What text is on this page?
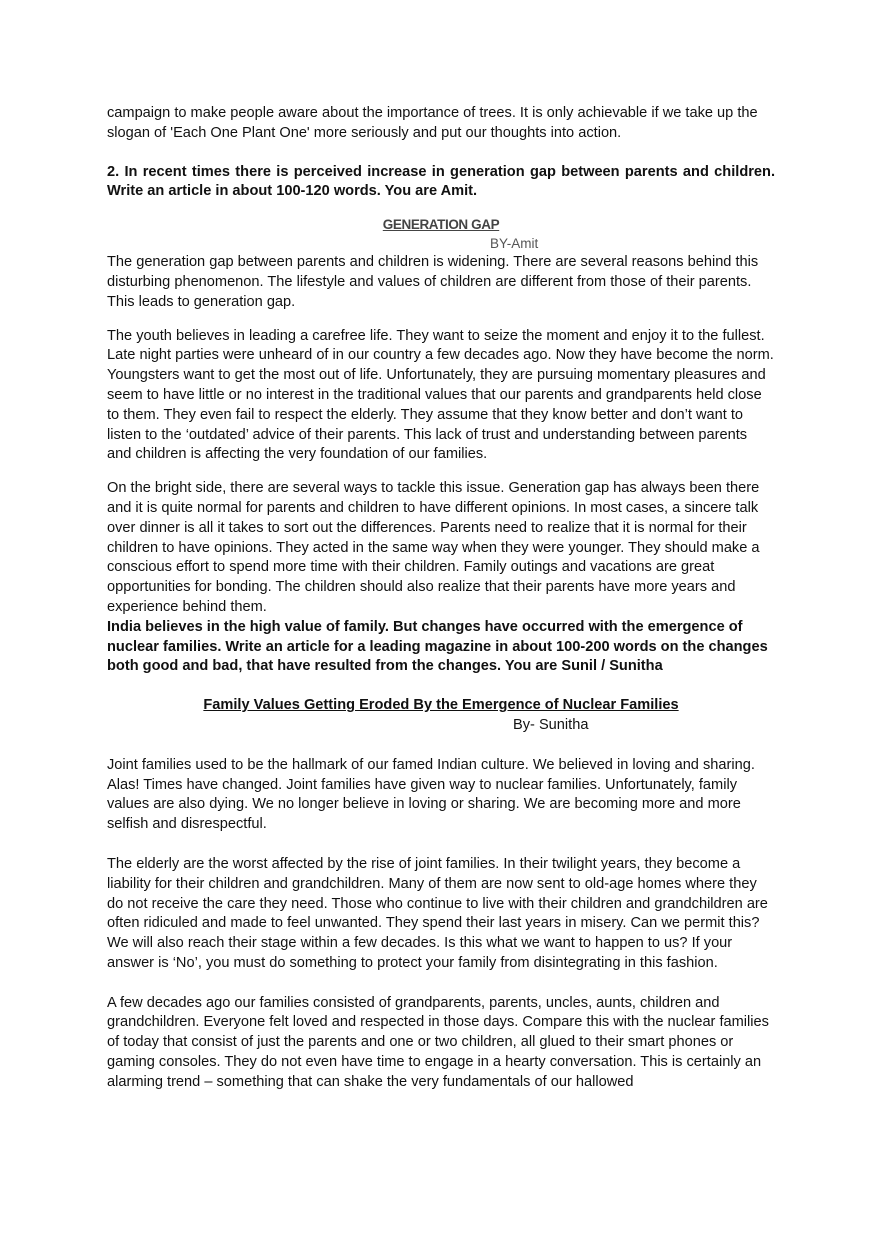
campaign to make people aware about the importance of trees. It is only achievable if we take up the slogan of 'Each One Plant One' more seriously and put our thoughts into action.

2. In recent times there is perceived increase in generation gap between parents and children. Write an article in about 100-120 words. You are Amit.

GENERATION GAP

BY-Amit

The generation gap between parents and children is widening. There are several reasons behind this disturbing phenomenon. The lifestyle and values of children are different from those of their parents. This leads to generation gap.

The youth believes in leading a carefree life. They want to seize the moment and enjoy it to the fullest. Late night parties were unheard of in our country a few decades ago. Now they have become the norm. Youngsters want to get the most out of life. Unfortunately, they are pursuing momentary pleasures and seem to have little or no interest in the traditional values that our parents and grandparents held close to them. They even fail to respect the elderly. They assume that they know better and don’t want to listen to the ‘outdated’ advice of their parents. This lack of trust and understanding between parents and children is affecting the very foundation of our families.

On the bright side, there are several ways to tackle this issue. Generation gap has always been there and it is quite normal for parents and children to have different opinions. In most cases, a sincere talk over dinner is all it takes to sort out the differences. Parents need to realize that it is normal for their children to have opinions. They acted in the same way when they were younger. They should make a conscious effort to spend more time with their children. Family outings and vacations are great opportunities for bonding. The children should also realize that their parents have more years and experience behind them.

India believes in the high value of family. But changes have occurred with the emergence of nuclear families. Write an article for a leading magazine in about 100-200 words on the changes both good and bad, that have resulted from the changes. You are Sunil / Sunitha

Family Values Getting Eroded By the Emergence of Nuclear Families

By- Sunitha

Joint families used to be the hallmark of our famed Indian culture. We believed in loving and sharing. Alas! Times have changed. Joint families have given way to nuclear families. Unfortunately, family values are also dying. We no longer believe in loving or sharing. We are becoming more and more selfish and disrespectful.

The elderly are the worst affected by the rise of joint families. In their twilight years, they become a liability for their children and grandchildren. Many of them are now sent to old-age homes where they do not receive the care they need. Those who continue to live with their children and grandchildren are often ridiculed and made to feel unwanted. They spend their last years in misery. Can we permit this? We will also reach their stage within a few decades. Is this what we want to happen to us? If your answer is ‘No’, you must do something to protect your family from disintegrating in this fashion.

A few decades ago our families consisted of grandparents, parents, uncles, aunts, children and grandchildren. Everyone felt loved and respected in those days. Compare this with the nuclear families of today that consist of just the parents and one or two children, all glued to their smart phones or gaming consoles. They do not even have time to engage in a hearty conversation. This is certainly an alarming trend – something that can shake the very fundamentals of our hallowed
